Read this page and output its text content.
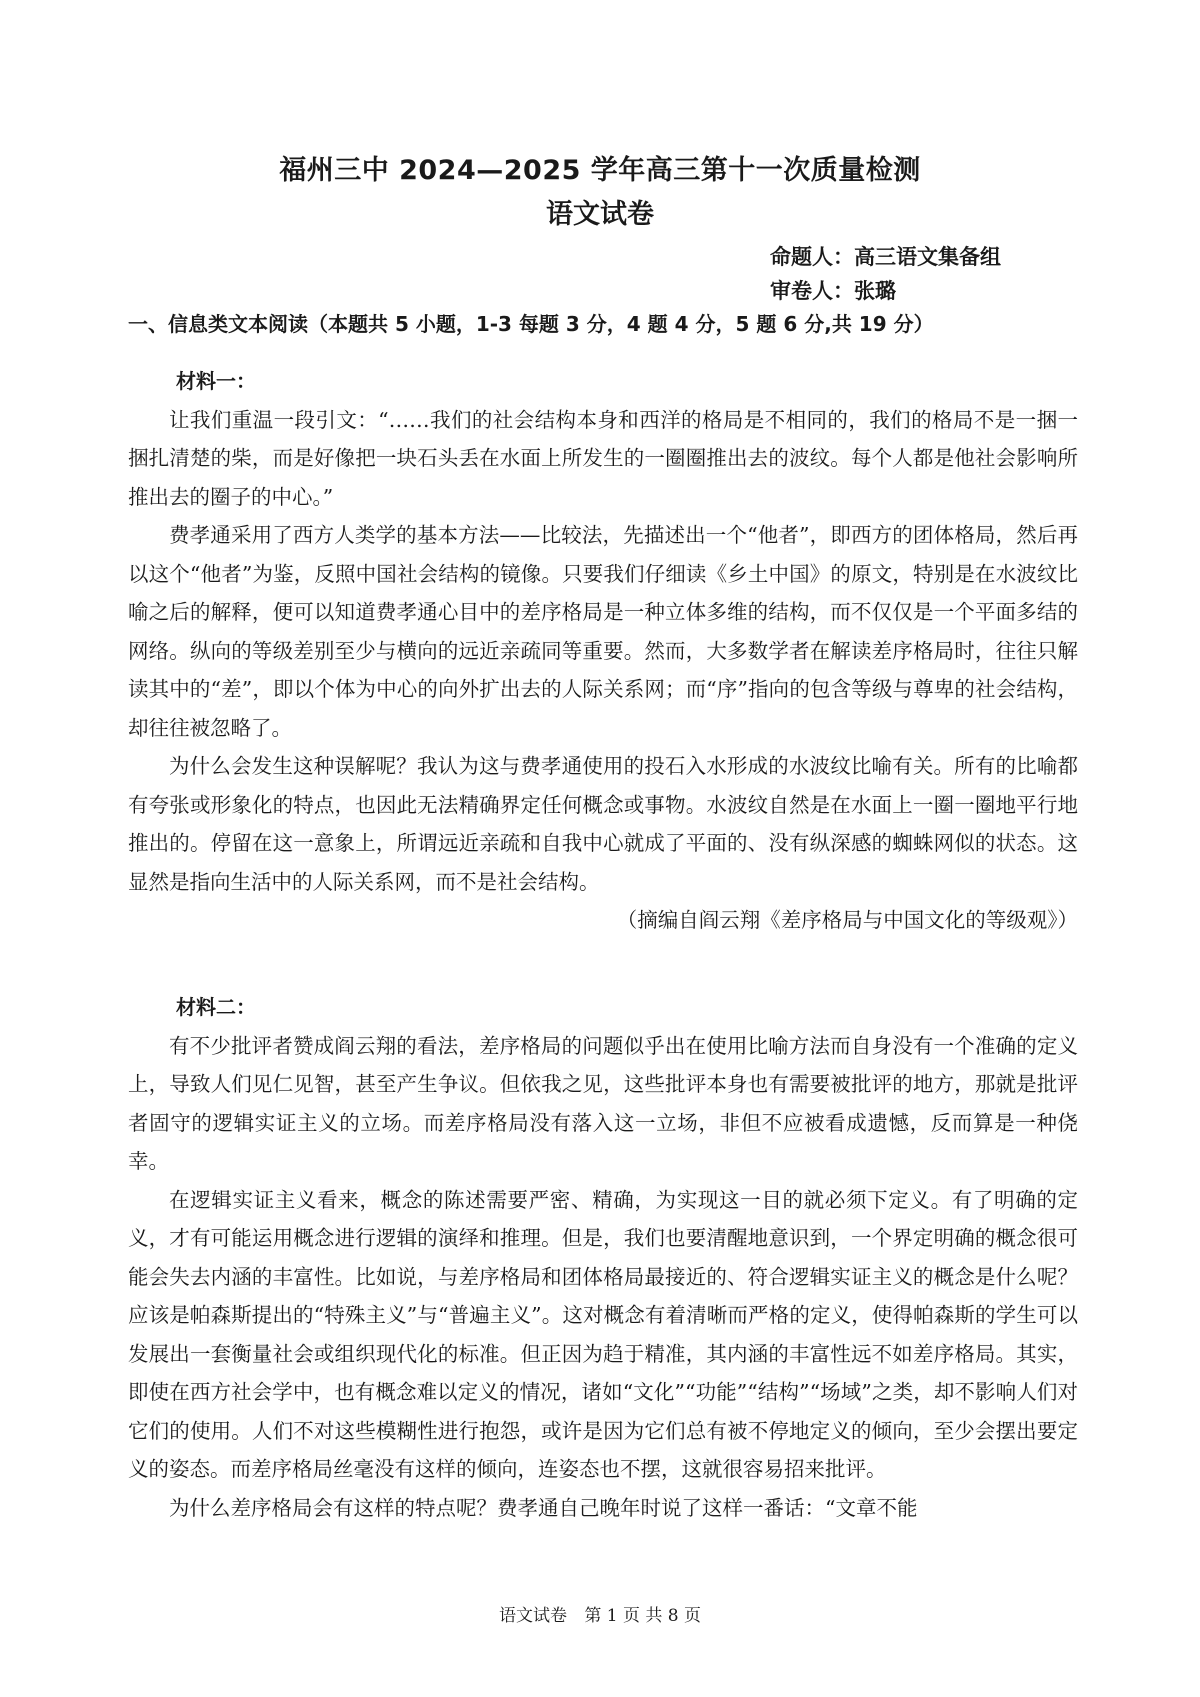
福州三中 2024—2025 学年高三第十一次质量检测
语文试卷
命题人：高三语文集备组
审卷人：张璐
一、信息类文本阅读（本题共 5 小题，1-3 每题 3 分，4 题 4 分，5 题 6 分,共 19 分）
材料一：

让我们重温一段引文：“……我们的社会结构本身和西洋的格局是不相同的，我们的格局不是一捆一捆扎清楚的柴，而是好像把一块石头丢在水面上所发生的一圈圈推出去的波纹。每个人都是他社会影响所推出去的圈子的中心。”

费孝通采用了西方人类学的基本方法——比较法，先描述出一个“他者”，即西方的团体格局，然后再以这个“他者”为鉴，反照中国社会结构的镜像。只要我们仔细读《乡土中国》的原文，特别是在水波纹比喻之后的解释，便可以知道费孝通心目中的差序格局是一种立体多维的结构，而不仅仅是一个平面多结的网络。纵向的等级差别至少与横向的远近亲疏同等重要。然而，大多数学者在解读差序格局时，往往只解读其中的“差”，即以个体为中心的向外扩出去的人际关系网；而“序”指向的包含等级与尊卑的社会结构，却往往被忽略了。

为什么会发生这种误解呢？我认为这与费孝通使用的投石入水形成的水波纹比喻有关。所有的比喻都有夸张或形象化的特点，也因此无法精确界定任何概念或事物。水波纹自然是在水面上一圈一圈地平行地推出的。停留在这一意象上，所谓远近亲疏和自我中心就成了平面的、没有纵深感的蜘蛛网似的状态。这显然是指向生活中的人际关系网，而不是社会结构。

（摘编自阎云翔《差序格局与中国文化的等级观》）
材料二：

有不少批评者赞成阎云翔的看法，差序格局的问题似乎出在使用比喻方法而自身没有一个准确的定义上，导致人们见仁见智，甚至产生争议。但依我之见，这些批评本身也有需要被批评的地方，那就是批评者固守的逻辑实证主义的立场。而差序格局没有落入这一立场，非但不应被看成遗憾，反而算是一种侥幸。

在逻辑实证主义看来，概念的陈述需要严密、精确，为实现这一目的就必须下定义。有了明确的定义，才有可能运用概念进行逻辑的演绎和推理。但是，我们也要清醒地意识到，一个界定明确的概念很可能会失去内涵的丰富性。比如说，与差序格局和团体格局最接近的、符合逻辑实证主义的概念是什么呢？应该是帕森斯提出的“特殊主义”与“普遍主义”。这对概念有着清晰而严格的定义，使得帕森斯的学生可以发展出一套衡量社会或组织现代化的标准。但正因为趋于精准，其内涵的丰富性远不如差序格局。其实，即使在西方社会学中，也有概念难以定义的情况，诸如“文化”“功能”“结构”“场域”之类，却不影响人们对它们的使用。人们不对这些模糊性进行抱怨，或许是因为它们总有被不停地定义的倾向，至少会摆出要定义的姿态。而差序格局丝毫没有这样的倾向，连姿态也不摆，这就很容易招来批评。

为什么差序格局会有这样的特点呢？费孝通自己晚年时说了这样一番话：“文章不能

语文试卷 第 1 页 共 8 页
